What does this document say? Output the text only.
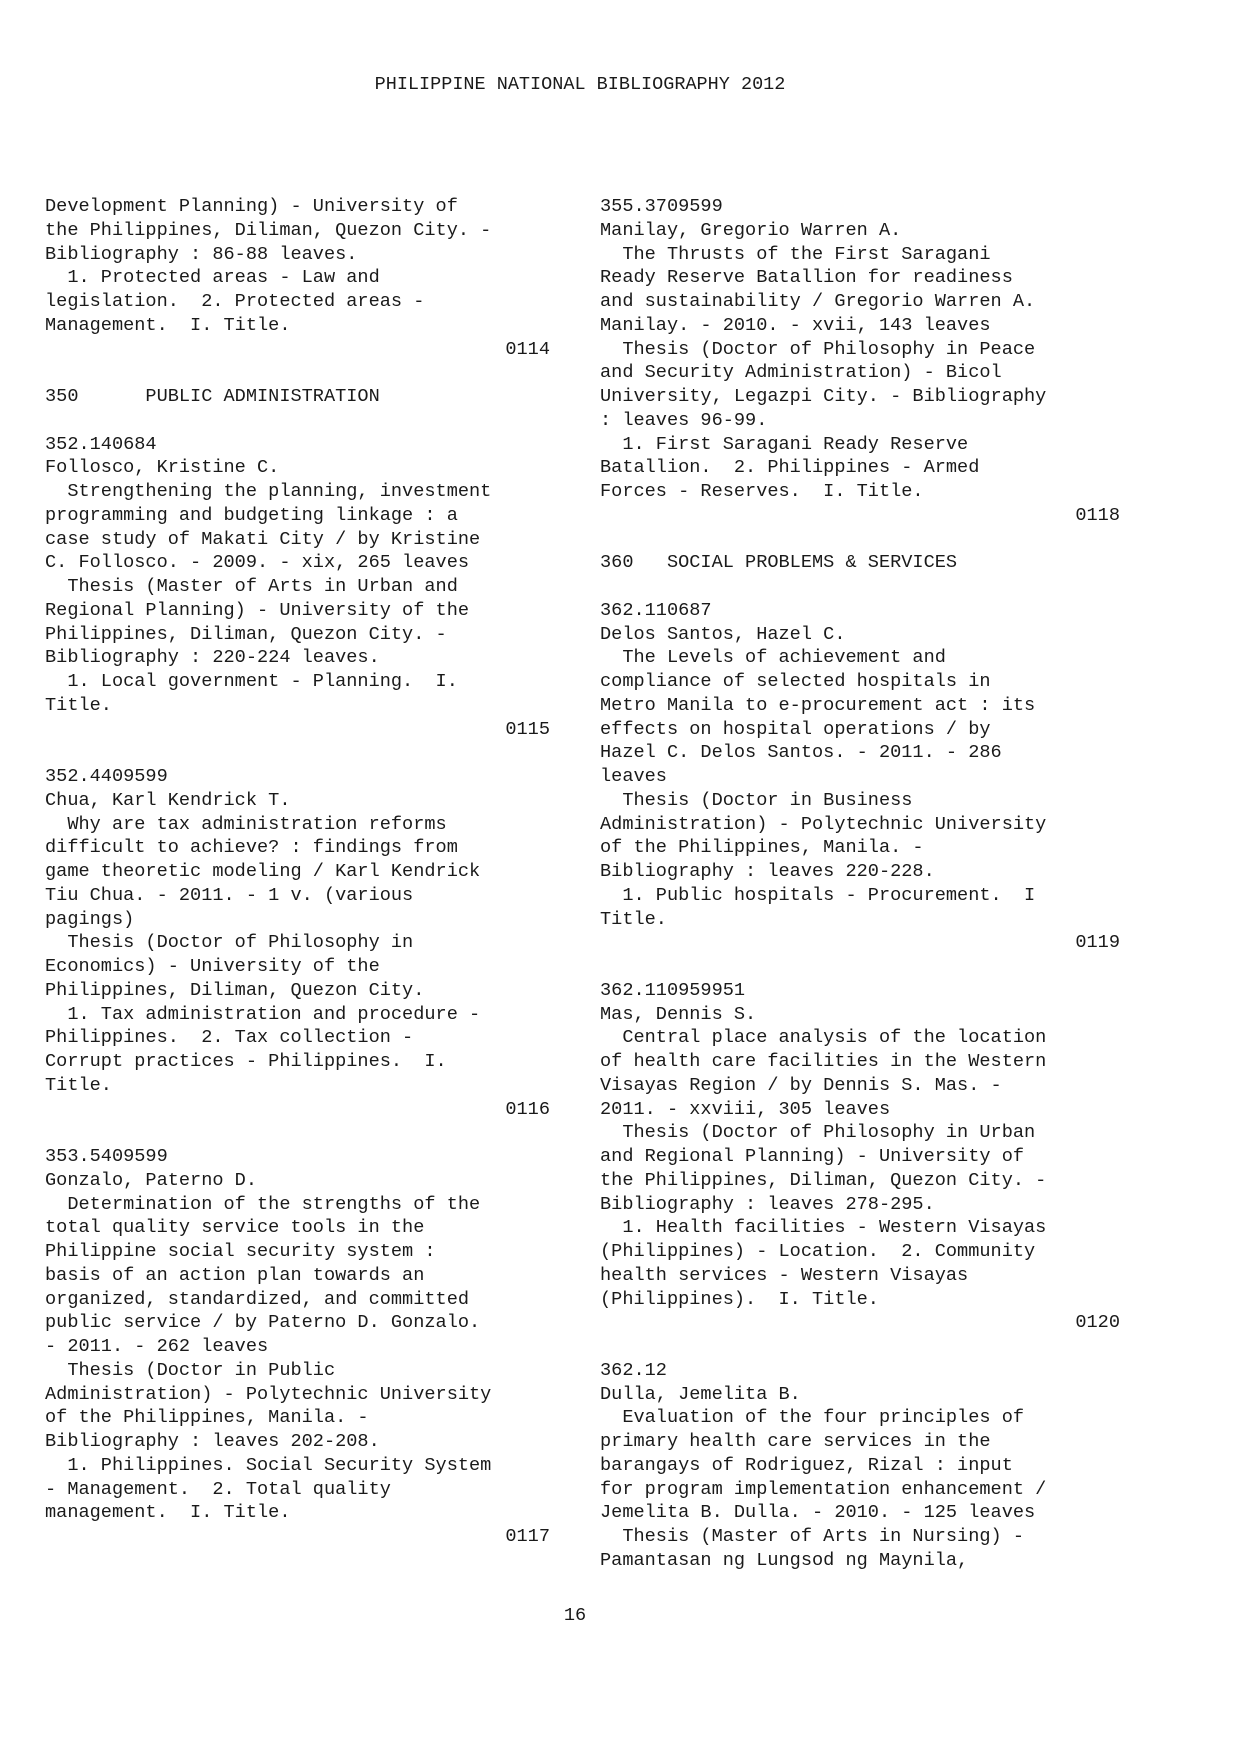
PHILIPPINE NATIONAL BIBLIOGRAPHY 2012
Development Planning) - University of
the Philippines, Diliman, Quezon City. -
Bibliography : 86-88 leaves.
1. Protected areas - Law and
legislation.  2. Protected areas -
Management.  I. Title.
0114
350      PUBLIC ADMINISTRATION
352.140684
Follosco, Kristine C.
Strengthening the planning, investment
programming and budgeting linkage : a
case study of Makati City / by Kristine
C. Follosco. - 2009. - xix, 265 leaves
Thesis (Master of Arts in Urban and
Regional Planning) - University of the
Philippines, Diliman, Quezon City. -
Bibliography : 220-224 leaves.
1. Local government - Planning.  I.
Title.
0115
352.4409599
Chua, Karl Kendrick T.
Why are tax administration reforms
difficult to achieve? : findings from
game theoretic modeling / Karl Kendrick
Tiu Chua. - 2011. - 1 v. (various
pagings)
Thesis (Doctor of Philosophy in
Economics) - University of the
Philippines, Diliman, Quezon City.
1. Tax administration and procedure -
Philippines.  2. Tax collection -
Corrupt practices - Philippines.  I.
Title.
0116
353.5409599
Gonzalo, Paterno D.
Determination of the strengths of the
total quality service tools in the
Philippine social security system :
basis of an action plan towards an
organized, standardized, and committed
public service / by Paterno D. Gonzalo.
- 2011. - 262 leaves
Thesis (Doctor in Public
Administration) - Polytechnic University
of the Philippines, Manila. -
Bibliography : leaves 202-208.
1. Philippines. Social Security System
- Management.  2. Total quality
management.  I. Title.
0117
355.3709599
Manilay, Gregorio Warren A.
The Thrusts of the First Saragani
Ready Reserve Batallion for readiness
and sustainability / Gregorio Warren A.
Manilay. - 2010. - xvii, 143 leaves
Thesis (Doctor of Philosophy in Peace
and Security Administration) - Bicol
University, Legazpi City. - Bibliography
: leaves 96-99.
1. First Saragani Ready Reserve
Batallion.  2. Philippines - Armed
Forces - Reserves.  I. Title.
0118
360   SOCIAL PROBLEMS & SERVICES
362.110687
Delos Santos, Hazel C.
The Levels of achievement and
compliance of selected hospitals in
Metro Manila to e-procurement act : its
effects on hospital operations / by
Hazel C. Delos Santos. - 2011. - 286
leaves
Thesis (Doctor in Business
Administration) - Polytechnic University
of the Philippines, Manila. -
Bibliography : leaves 220-228.
1. Public hospitals - Procurement.  I
Title.
0119
362.110959951
Mas, Dennis S.
Central place analysis of the location
of health care facilities in the Western
Visayas Region / by Dennis S. Mas. -
2011. - xxviii, 305 leaves
Thesis (Doctor of Philosophy in Urban
and Regional Planning) - University of
the Philippines, Diliman, Quezon City. -
Bibliography : leaves 278-295.
1. Health facilities - Western Visayas
(Philippines) - Location.  2. Community
health services - Western Visayas
(Philippines).  I. Title.
0120
362.12
Dulla, Jemelita B.
Evaluation of the four principles of
primary health care services in the
barangays of Rodriguez, Rizal : input
for program implementation enhancement /
Jemelita B. Dulla. - 2010. - 125 leaves
Thesis (Master of Arts in Nursing) -
Pamantasan ng Lungsod ng Maynila,
16
